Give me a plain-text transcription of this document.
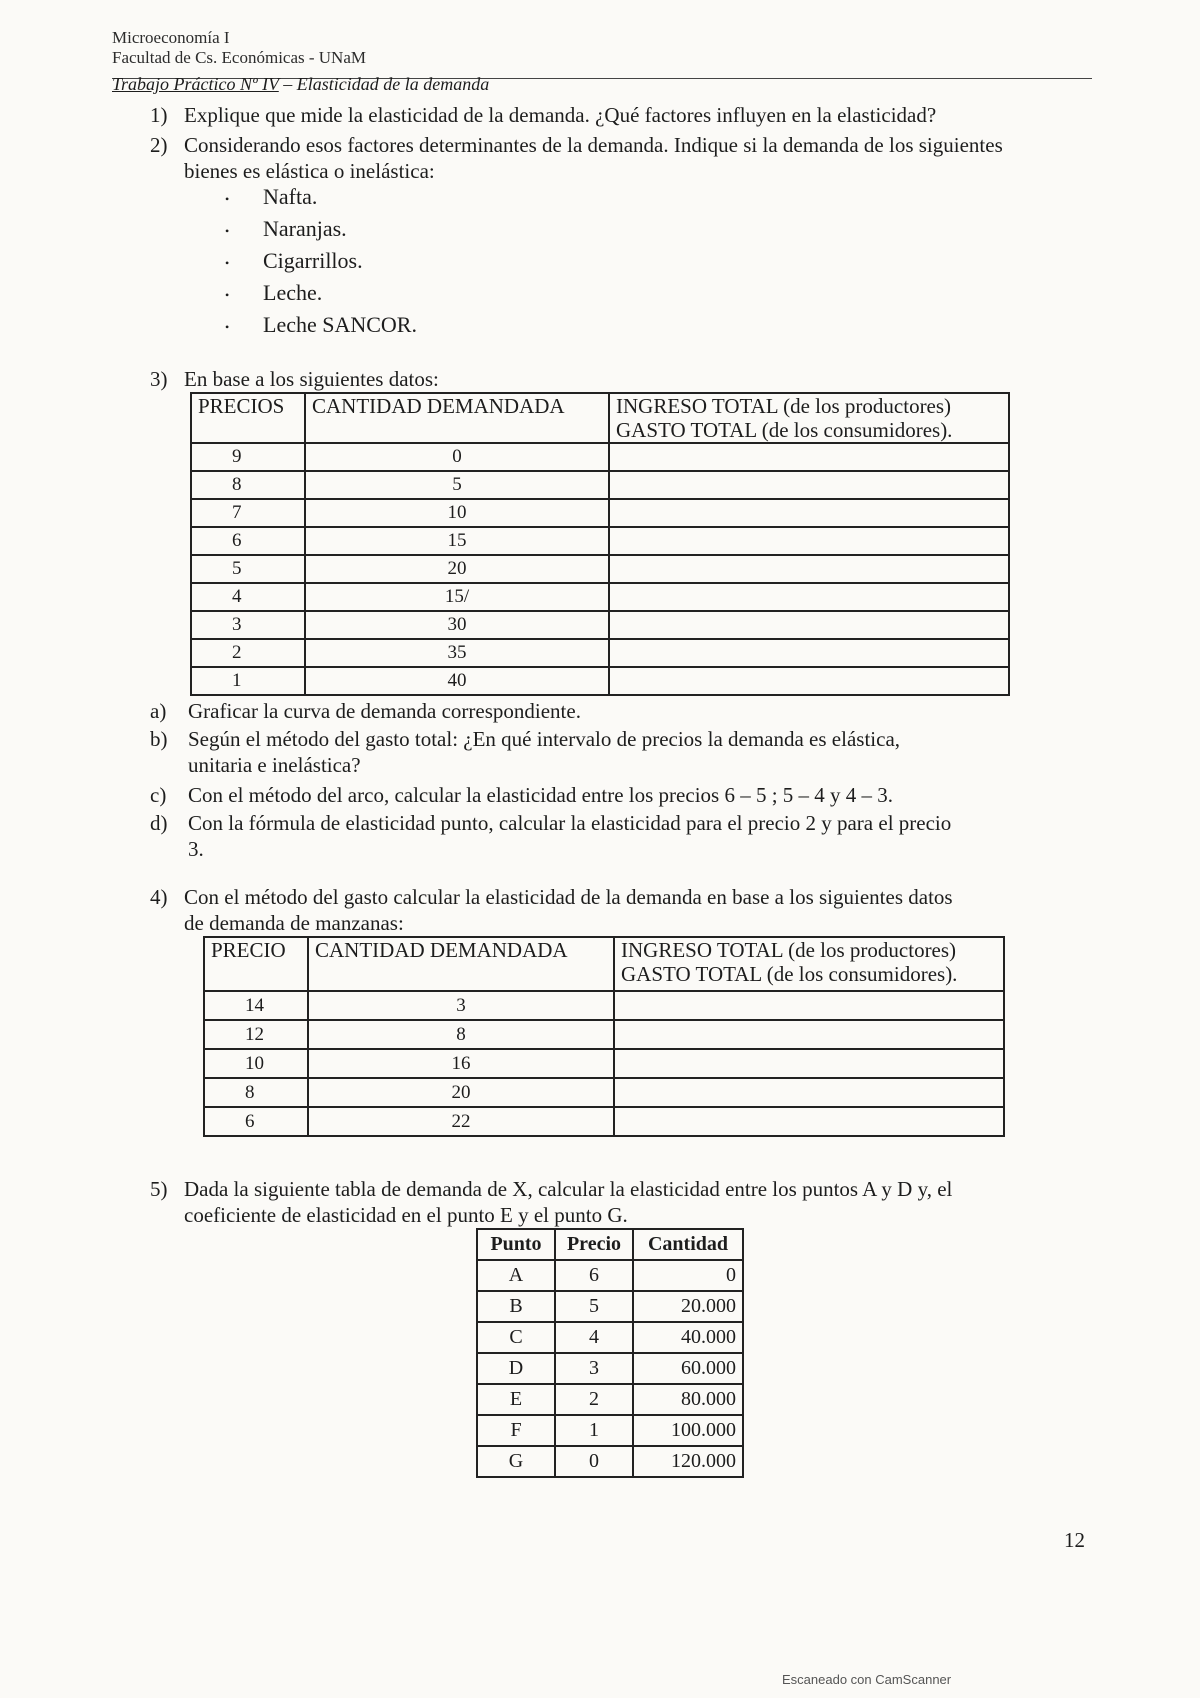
Microeconomía I
Facultad de Cs. Económicas - UNaM
Trabajo Práctico Nº IV – Elasticidad de la demanda
1) Explique que mide la elasticidad de la demanda. ¿Qué factores influyen en la elasticidad?
2) Considerando esos factores determinantes de la demanda. Indique si la demanda de los siguientes
bienes es elástica o inelástica:
• Nafta.
• Naranjas.
• Cigarrillos.
• Leche.
• Leche SANCOR.
3) En base a los siguientes datos:
PRECIOS	CANTIDAD DEMANDADA	INGRESO TOTAL (de los productores)
GASTO TOTAL (de los consumidores).
9	0	
8	5	
7	10	
6	15	
5	20	
4	15/	
3	30	
2	35	
1	40	
a) Graficar la curva de demanda correspondiente.
b) Según el método del gasto total: ¿En qué intervalo de precios la demanda es elástica,
unitaria e inelástica?
c) Con el método del arco, calcular la elasticidad entre los precios 6 – 5 ; 5 – 4 y 4 – 3.
d) Con la fórmula de elasticidad punto, calcular la elasticidad para el precio 2 y para el precio
3.
4) Con el método del gasto calcular la elasticidad de la demanda en base a los siguientes datos
de demanda de manzanas:
PRECIO	CANTIDAD DEMANDADA	INGRESO TOTAL (de los productores)
GASTO TOTAL (de los consumidores).
14	3	
12	8	
10	16	
8	20	
6	22	
5) Dada la siguiente tabla de demanda de X, calcular la elasticidad entre los puntos A y D y, el
coeficiente de elasticidad en el punto E y el punto G.
Punto	Precio	Cantidad
A	6	0
B	5	20.000
C	4	40.000
D	3	60.000
E	2	80.000
F	1	100.000
G	0	120.000
12
Escaneado con CamScanner
